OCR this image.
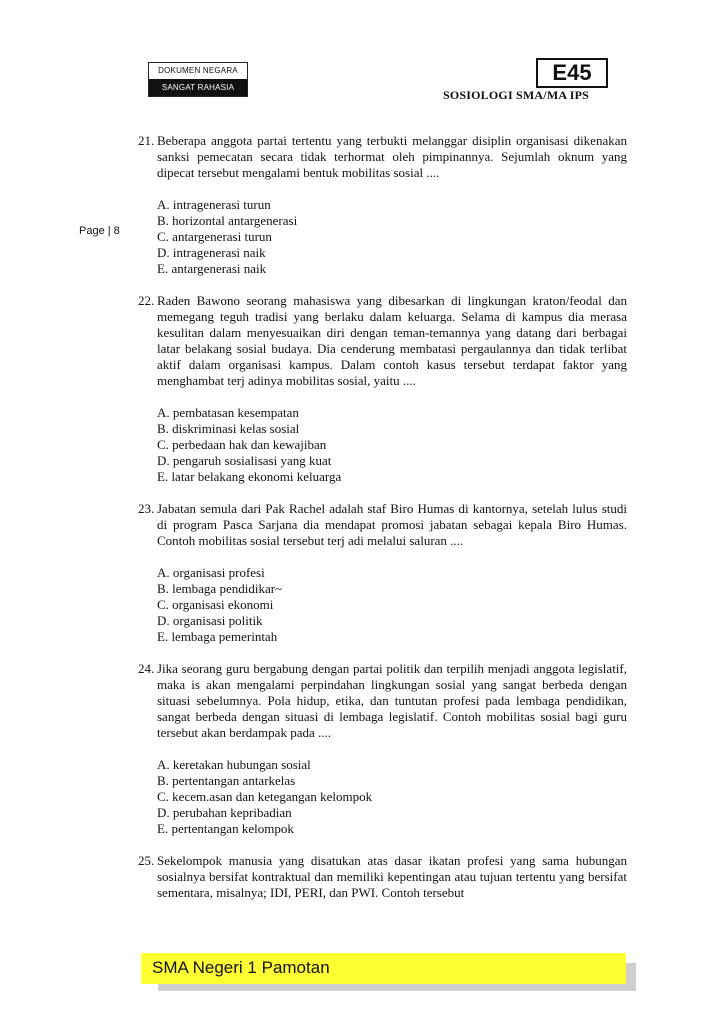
DOKUMEN NEGARA
SANGAT RAHASIA
E45
SOSIOLOGI SMA/MA IPS
Page | 8
21. Beberapa anggota partai tertentu yang terbukti melanggar disiplin organisasi dikenakan sanksi pemecatan secara tidak terhormat oleh pimpinannya. Sejumlah oknum yang dipecat tersebut mengalami bentuk mobilitas sosial ....
A. intragenerasi turun
B. horizontal antargenerasi
C. antargenerasi turun
D. intragenerasi naik
E. antargenerasi naik
22. Raden Bawono seorang mahasiswa yang dibesarkan di lingkungan kraton/feodal dan memegang teguh tradisi yang berlaku dalam keluarga. Selama di kampus dia merasa kesulitan dalam menyesuaikan diri dengan teman-temannya yang datang dari berbagai latar belakang sosial budaya. Dia cenderung membatasi pergaulannya dan tidak terlibat aktif dalam organisasi kampus. Dalam contoh kasus tersebut terdapat faktor yang menghambat terj adinya mobilitas sosial, yaitu ....
A. pembatasan kesempatan
B. diskriminasi kelas sosial
C. perbedaan hak dan kewajiban
D. pengaruh sosialisasi yang kuat
E. latar belakang ekonomi keluarga
23. Jabatan semula dari Pak Rachel adalah staf Biro Humas di kantornya, setelah lulus studi di program Pasca Sarjana dia mendapat promosi jabatan sebagai kepala Biro Humas. Contoh mobilitas sosial tersebut terj adi melalui saluran ....
A. organisasi profesi
B. lembaga pendidikar~
C. organisasi ekonomi
D. organisasi politik
E. lembaga pemerintah
24. Jika seorang guru bergabung dengan partai politik dan terpilih menjadi anggota legislatif, maka is akan mengalami perpindahan lingkungan sosial yang sangat berbeda dengan situasi sebelumnya. Pola hidup, etika, dan tuntutan profesi pada lembaga pendidikan, sangat berbeda dengan situasi di lembaga legislatif. Contoh mobilitas sosial bagi guru tersebut akan berdampak pada ....
A. keretakan hubungan sosial
B. pertentangan antarkelas
C. kecem.asan dan ketegangan kelompok
D. perubahan kepribadian
E. pertentangan kelompok
25. Sekelompok manusia yang disatukan atas dasar ikatan profesi yang sama hubungan sosialnya bersifat kontraktual dan memiliki kepentingan atau tujuan tertentu yang bersifat sementara, misalnya; IDI, PERI, dan PWI. Contoh tersebut
SMA Negeri 1 Pamotan
